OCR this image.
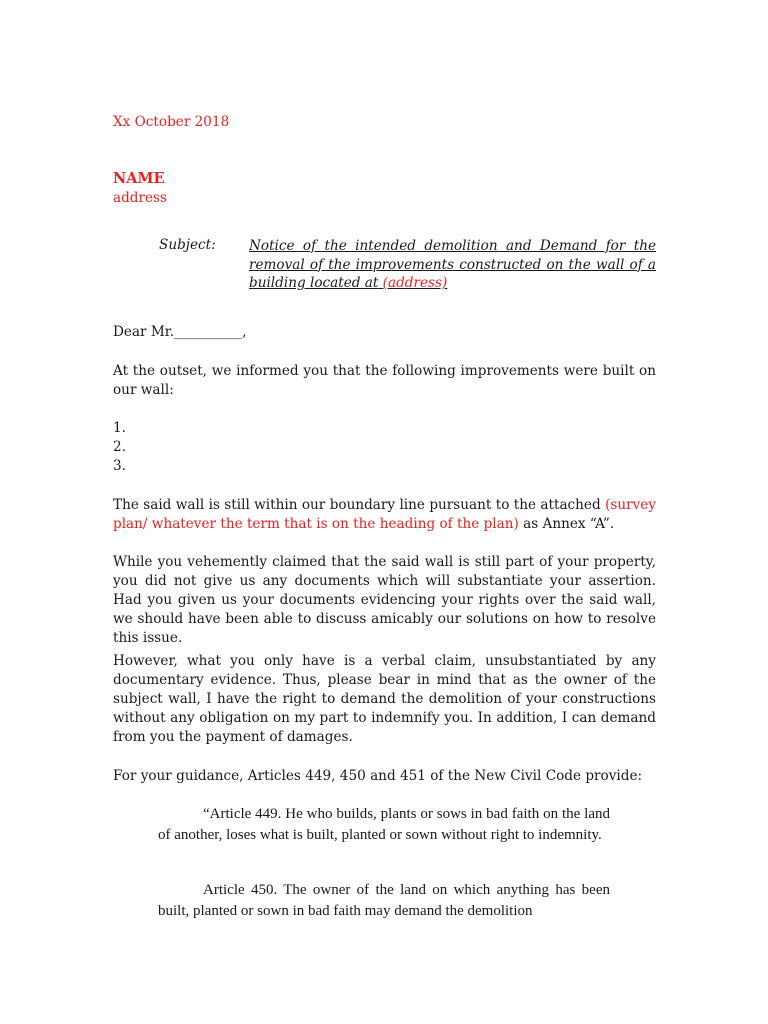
Xx October 2018
NAME
address
Subject: Notice of the intended demolition and Demand for the removal of the improvements constructed on the wall of a building located at (address)
Dear Mr.__________,
At the outset, we informed you that the following improvements were built on our wall:
1.
2.
3.
The said wall is still within our boundary line pursuant to the attached (survey plan/ whatever the term that is on the heading of the plan) as Annex “A”.
While you vehemently claimed that the said wall is still part of your property, you did not give us any documents which will substantiate your assertion. Had you given us your documents evidencing your rights over the said wall, we should have been able to discuss amicably our solutions on how to resolve this issue.
However, what you only have is a verbal claim, unsubstantiated by any documentary evidence. Thus, please bear in mind that as the owner of the subject wall, I have the right to demand the demolition of your constructions without any obligation on my part to indemnify you. In addition, I can demand from you the payment of damages.
For your guidance, Articles 449, 450 and 451 of the New Civil Code provide:
“Article 449. He who builds, plants or sows in bad faith on the land of another, loses what is built, planted or sown without right to indemnity.
Article 450. The owner of the land on which anything has been built, planted or sown in bad faith may demand the demolition
